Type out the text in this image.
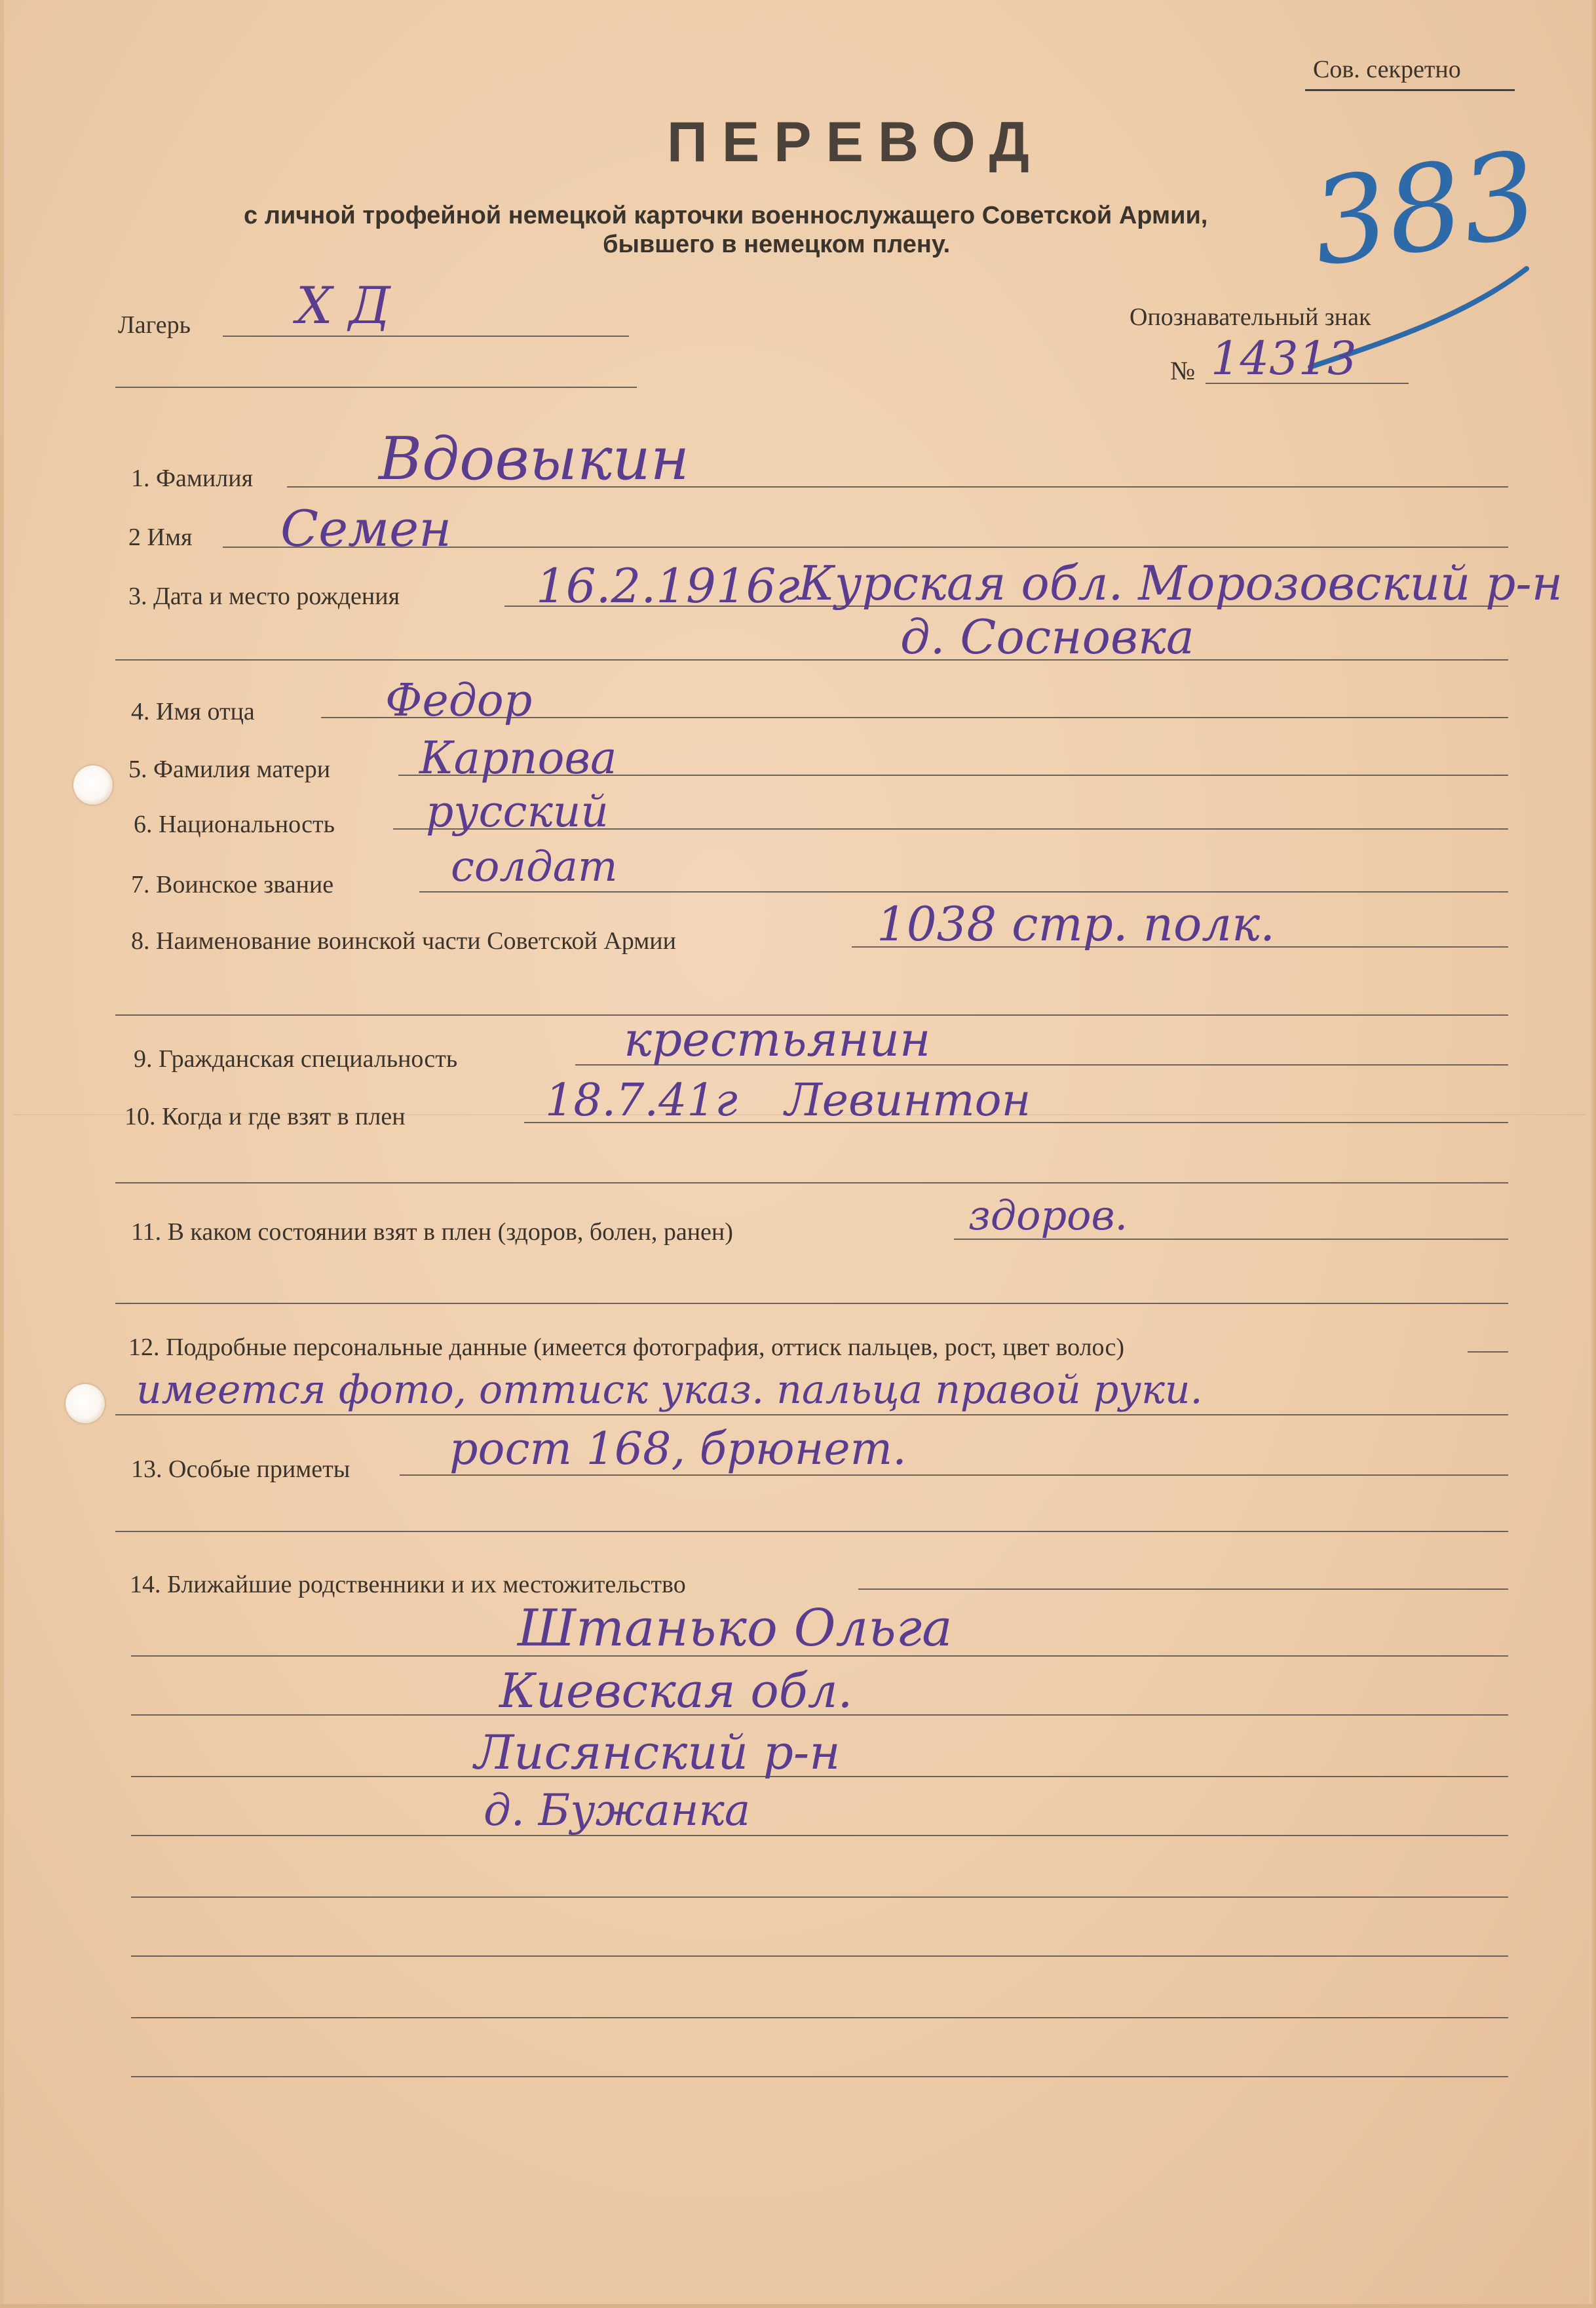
Сов. секретно
ПЕРЕВОД
с личной трофейной немецкой карточки военнослужащего Советской Армии,
бывшего в немецком плену.	383
Лагерь Х Д	Опознавательный знак
№ 14313
1. Фамилия Вдовыкин
2 Имя Семен
3. Дата и место рождения	16.2.1916г
Курская обл. Морозовский р-н
д. Сосновка
4. Имя отца	Федор
5. Фамилия матери Карпова
6. Национальность русский
7. Воинское звание	солдат
8. Наименование воинской части Советской Армии	1038 стр. полк.
9. Гражданская специальность	крестьянин
10. Когда и где взят в плен	18.7.41г Левинтон
11. В каком состоянии взят в плен (здоров, болен, ранен)	здоров.
12. Подробные персональные данные (имеется фотография, оттиск пальцев, рост, цвет волос)
имеется фото, оттиск указ. пальца правой руки.
13. Особые приметы рост 168, брюнет.
14. Ближайшие родственники и их местожительство
Штанько Ольга
Киевская обл.
Лисянский р-н
д. Бужанка
